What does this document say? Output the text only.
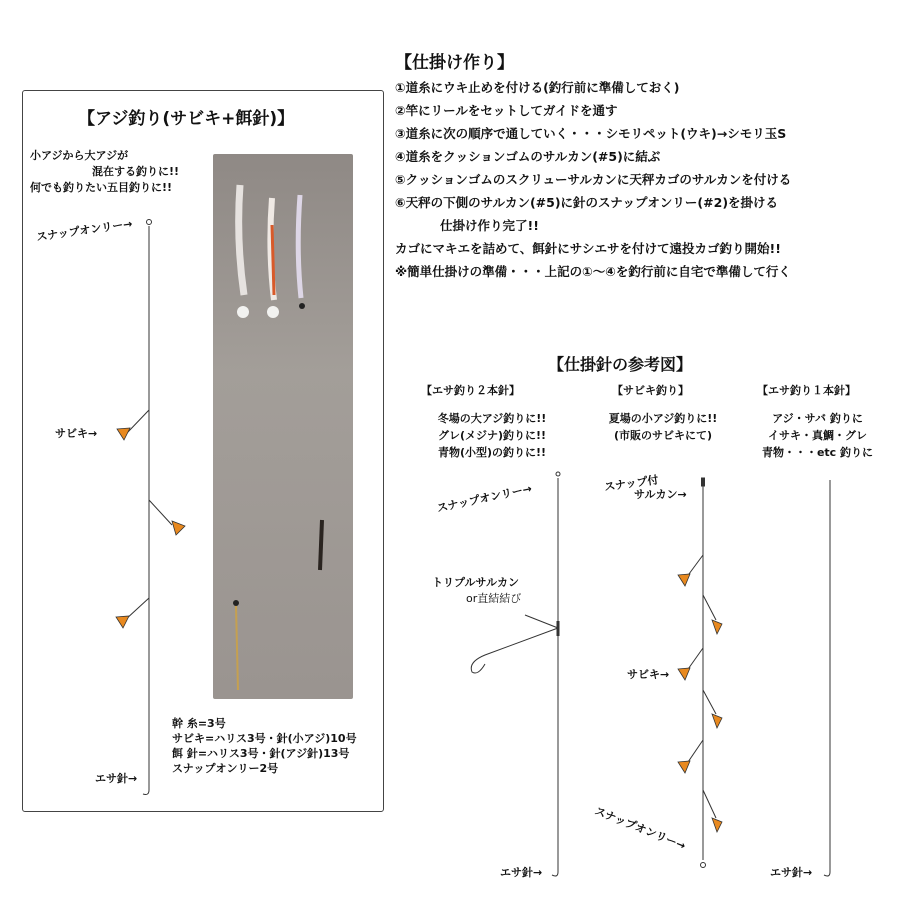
【アジ釣り(サビキ+餌針)】
小アジから大アジが
混在する釣りに!!
何でも釣りたい五目釣りに!!
スナップオンリー→
サビキ→
エサ針→
幹 糸=3号
サビキ=ハリス3号・針(小アジ)10号
餌 針=ハリス3号・針(アジ針)13号
スナップオンリー2号
【仕掛け作り】
①道糸にウキ止めを付ける(釣行前に準備しておく)
②竿にリールをセットしてガイドを通す
③道糸に次の順序で通していく・・・シモリペット(ウキ)→シモリ玉S
④道糸をクッションゴムのサルカン(#5)に結ぶ
⑤クッションゴムのスクリューサルカンに天秤カゴのサルカンを付ける
⑥天秤の下側のサルカン(#5)に針のスナップオンリー(#2)を掛ける
仕掛け作り完了!!
カゴにマキエを詰めて、餌針にサシエサを付けて遠投カゴ釣り開始!!
※簡単仕掛けの準備・・・上記の①～④を釣行前に自宅で準備して行く
【仕掛針の参考図】
【エサ釣り２本針】	【サビキ釣り】	【エサ釣り１本針】
冬場の大アジ釣りに!!
グレ(メジナ)釣りに!!
青物(小型)の釣りに!!
夏場の小アジ釣りに!!
(市販のサビキにて)
アジ・サバ 釣りに
イサキ・真鯛・グレ
青物・・・etc 釣りに
スナップオンリー→
トリプルサルカン
or直結結び
エサ針→
スナップ付
サルカン→
サビキ→
スナップオンリー→
エサ針→
